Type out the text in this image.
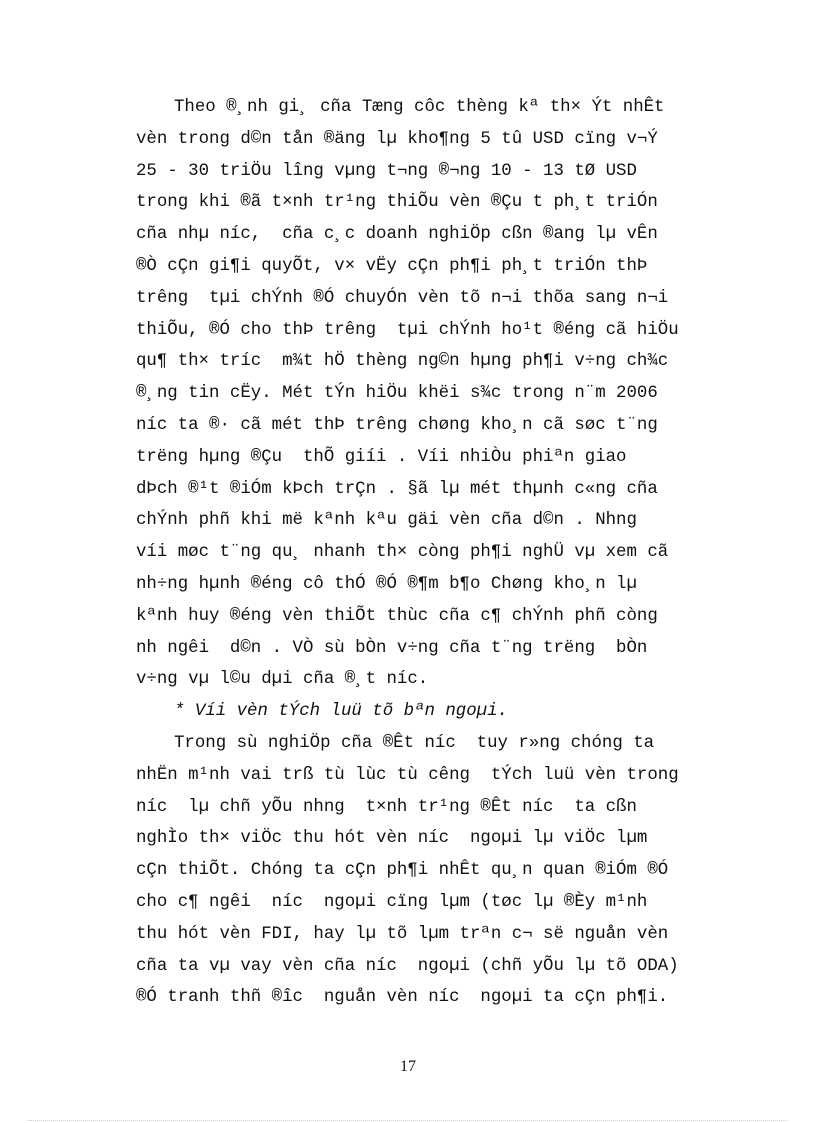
Theo ®¸nh gi¸ cña Tæng côc thèng kª th× Ýt nhÊt
vèn trong d©n tån ®äng lµ kho¶ng 5 tû USD cïng v¬Ý
25 - 30 triÖu lîng vµng t¬ng ®¬ng 10 - 13 tØ USD
trong khi ®ã t×nh tr¹ng thiÕu vèn ®Çu t ph¸t triÓn
cña nhµ níc,  cña c¸c doanh nghiÖp cßn ®ang lµ vÊn
®Ò cÇn gi¶i quyÕt, v× vËy cÇn ph¶i ph¸t triÓn thÞ
trêng  tµi chÝnh ®Ó chuyÓn vèn tõ n¬i thõa sang n¬i
thiÕu, ®Ó cho thÞ trêng  tµi chÝnh ho¹t ®éng cã hiÖu
qu¶ th× tríc  m¾t hÖ thèng ng©n hµng ph¶i v÷ng ch¾c
®¸ng tin cËy. Mét tÝn hiÖu khëi s¾c trong n¨m 2006
níc ta ®· cã mét thÞ trêng chøng kho¸n cã søc t¨ng
trëng hµng ®Çu  thÕ giíi . Víi nhiÒu phiªn giao
dÞch ®¹t ®iÓm kÞch trÇn . §ã lµ mét thµnh c«ng cña
chÝnh phñ khi më kªnh kªu gäi vèn cña d©n . Nhng
víi møc t¨ng qu¸ nhanh th× còng ph¶i nghÜ vµ xem cã
nh÷ng hµnh ®éng cô thÓ ®Ó ®¶m b¶o Chøng kho¸n lµ
kªnh huy ®éng vèn thiÕt thùc cña c¶ chÝnh phñ còng
nh ngêi  d©n . VÒ sù bÒn v÷ng cña t¨ng trëng  bÒn
v÷ng vµ l©u dµi cña ®¸t níc.
* Víi vèn tÝch luü tõ bªn ngoµi.
Trong sù nghiÖp cña ®Êt níc  tuy r»ng chóng ta
nhËn m¹nh vai trß tù lùc tù cêng  tÝch luü vèn trong
níc  lµ chñ yÕu nhng  t×nh tr¹ng ®Êt níc  ta cßn
nghÌo th× viÖc thu hót vèn níc  ngoµi lµ viÖc lµm
cÇn thiÕt. Chóng ta cÇn ph¶i nhÊt qu¸n quan ®iÓm ®Ó
cho c¶ ngêi  níc  ngoµi cïng lµm (tøc lµ ®Èy m¹nh
thu hót vèn FDI, hay lµ tõ lµm trªn c¬ së nguån vèn
cña ta vµ vay vèn cña níc  ngoµi (chñ yÕu lµ tõ ODA)
®Ó tranh thñ ®îc  nguån vèn níc  ngoµi ta cÇn ph¶i.
17
